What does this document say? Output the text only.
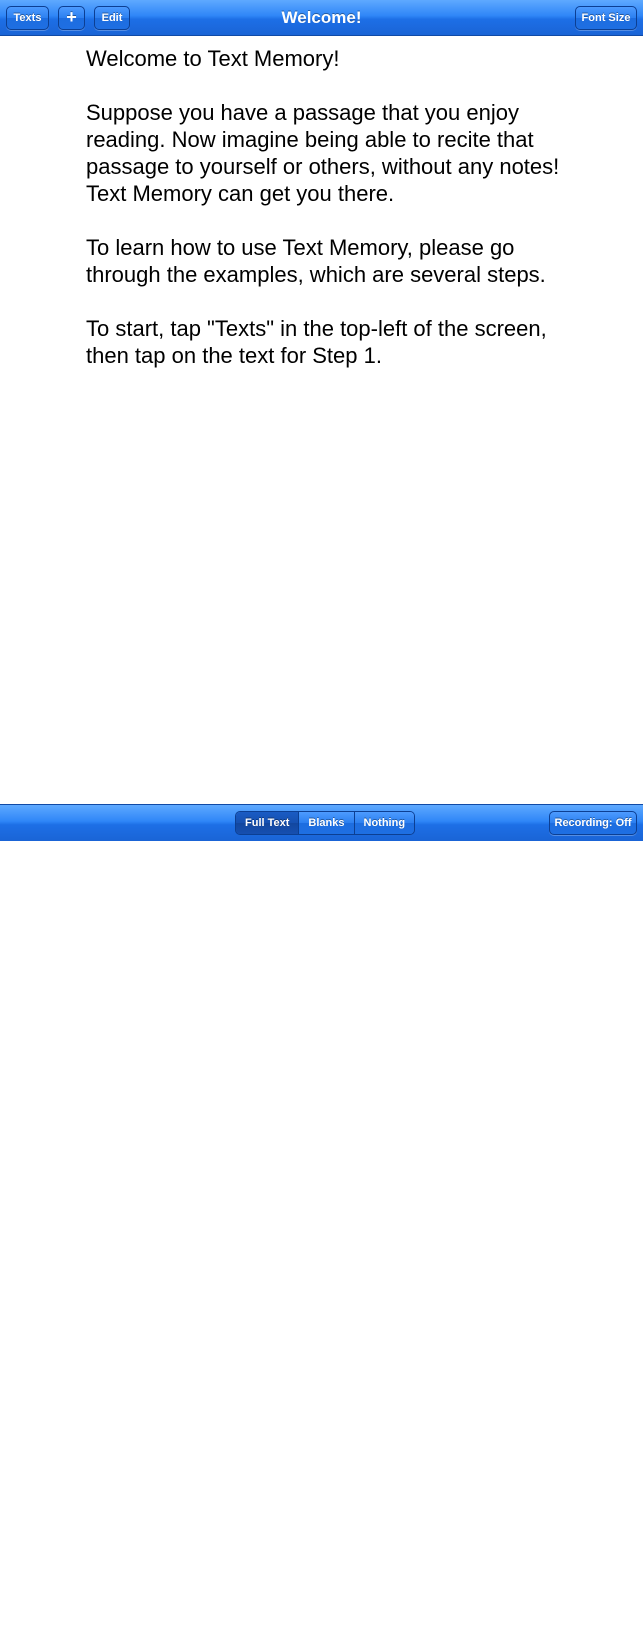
Texts	+	Edit	Welcome!	Font Size

Welcome to Text Memory!

Suppose you have a passage that you enjoy reading. Now imagine being able to recite that passage to yourself or others, without any notes! Text Memory can get you there.

To learn how to use Text Memory, please go through the examples, which are several steps.

To start, tap "Texts" in the top-left of the screen, then tap on the text for Step 1.

Full Text	Blanks	Nothing	Recording: Off
